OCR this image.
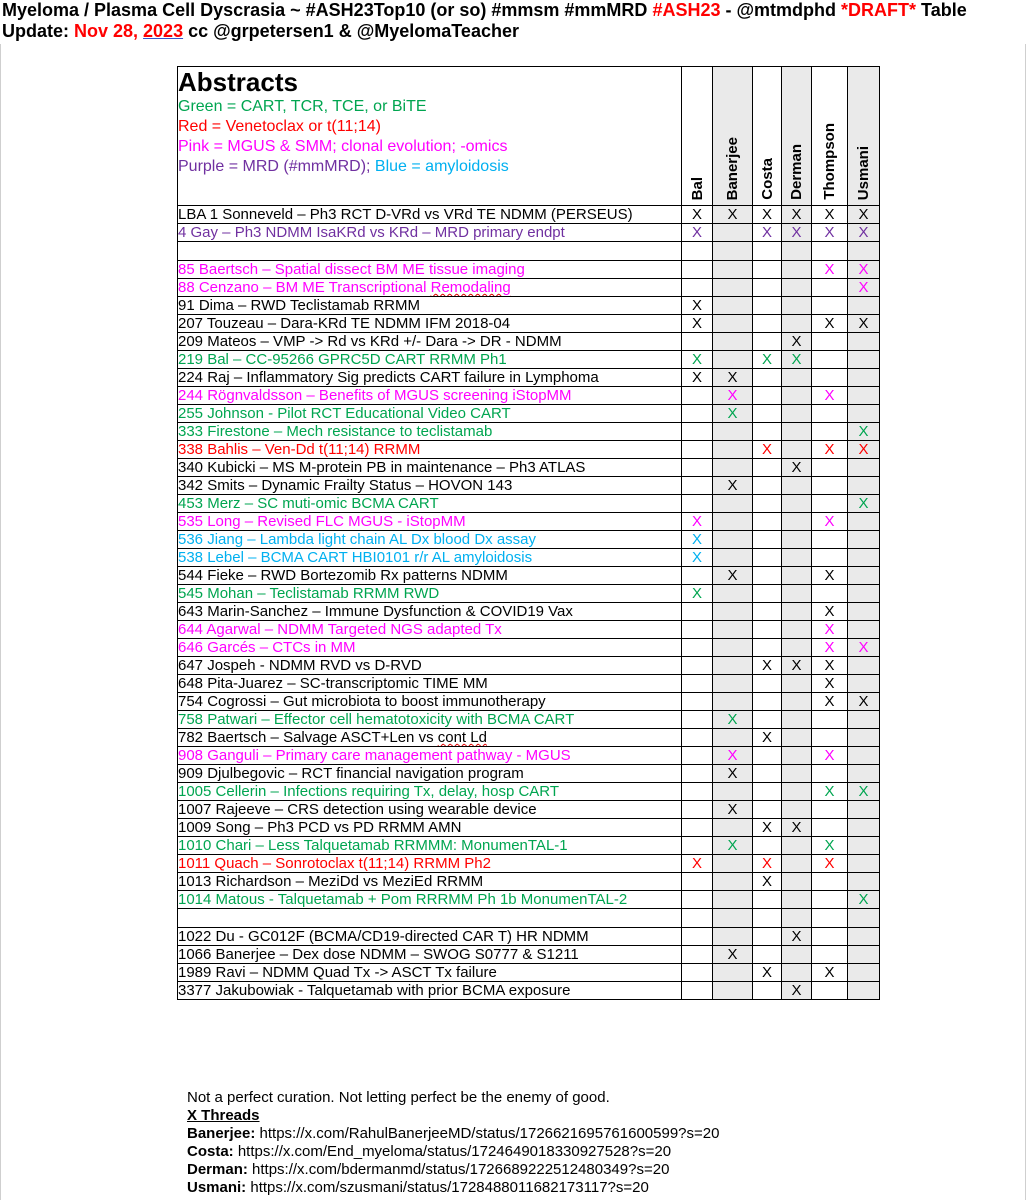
Myeloma / Plasma Cell Dyscrasia ~ #ASH23Top10 (or so) #mmsm #mmMRD #ASH23 - @mtmdphd *DRAFT* Table
Update: Nov 28, 2023 cc @grpetersen1 & @MyelomaTeacher
Abstracts
Green = CART, TCR, TCE, or BiTE
Red = Venetoclax or t(11;14)
Pink = MGUS & SMM; clonal evolution; -omics
Purple = MRD (#mmMRD); Blue = amyloidosis	Bal	Banerjee	Costa	Derman	Thompson	Usmani
LBA 1 Sonneveld – Ph3 RCT D-VRd vs VRd TE NDMM (PERSEUS)	X	X	X	X	X	X
4 Gay – Ph3 NDMM IsaKRd vs KRd – MRD primary endpt	X		X	X	X	X

85 Baertsch – Spatial dissect BM ME tissue imaging					X	X
88 Cenzano – BM ME Transcriptional Remodaling						X
91 Dima – RWD Teclistamab RRMM	X					
207 Touzeau – Dara-KRd TE NDMM IFM 2018-04	X				X	X
209 Mateos – VMP -> Rd vs KRd +/- Dara -> DR - NDMM				X		
219 Bal – CC-95266 GPRC5D CART RRMM Ph1	X		X	X		
224 Raj – Inflammatory Sig predicts CART failure in Lymphoma	X	X				
244 Rögnvaldsson – Benefits of MGUS screening iStopMM		X			X	
255 Johnson - Pilot RCT Educational Video CART		X				
333 Firestone – Mech resistance to teclistamab						X
338 Bahlis – Ven-Dd t(11;14) RRMM			X		X	X
340 Kubicki – MS M-protein PB in maintenance – Ph3 ATLAS				X		
342 Smits – Dynamic Frailty Status – HOVON 143		X				
453 Merz – SC muti-omic BCMA CART						X
535 Long – Revised FLC MGUS - iStopMM	X				X	
536 Jiang – Lambda light chain AL Dx blood Dx assay	X					
538 Lebel – BCMA CART HBI0101 r/r AL amyloidosis	X					
544 Fieke – RWD Bortezomib Rx patterns NDMM		X			X	
545 Mohan – Teclistamab RRMM RWD	X					
643 Marin-Sanchez – Immune Dysfunction & COVID19 Vax					X	
644 Agarwal – NDMM Targeted NGS adapted Tx					X	
646 Garcés – CTCs in MM					X	X
647 Jospeh - NDMM RVD vs D-RVD			X	X	X	
648 Pita-Juarez – SC-transcriptomic TIME MM					X	
754 Cogrossi – Gut microbiota to boost immunotherapy					X	X
758 Patwari – Effector cell hematotoxicity with BCMA CART		X				
782 Baertsch – Salvage ASCT+Len vs cont Ld			X			
908 Ganguli – Primary care management pathway - MGUS		X			X	
909 Djulbegovic – RCT financial navigation program		X				
1005 Cellerin – Infections requiring Tx, delay, hosp CART					X	X
1007 Rajeeve – CRS detection using wearable device		X				
1009 Song – Ph3 PCD vs PD RRMM AMN			X	X		
1010 Chari – Less Talquetamab RRMMM: MonumenTAL-1		X			X	
1011 Quach – Sonrotoclax t(11;14) RRMM Ph2	X		X		X	
1013 Richardson – MeziDd vs MeziEd RRMM			X			
1014 Matous - Talquetamab + Pom RRRMM Ph 1b MonumenTAL-2						X

1022 Du - GC012F (BCMA/CD19-directed CAR T) HR NDMM				X		
1066 Banerjee – Dex dose NDMM – SWOG S0777 & S1211		X				
1989 Ravi – NDMM Quad Tx -> ASCT Tx failure			X		X	
3377 Jakubowiak - Talquetamab with prior BCMA exposure				X		
Not a perfect curation. Not letting perfect be the enemy of good.
X Threads
Banerjee: https://x.com/RahulBanerjeeMD/status/1726621695761600599?s=20
Costa: https://x.com/End_myeloma/status/1724649018330927528?s=20
Derman: https://x.com/bdermanmd/status/1726689222512480349?s=20
Usmani: https://x.com/szusmani/status/1728488011682173117?s=20
